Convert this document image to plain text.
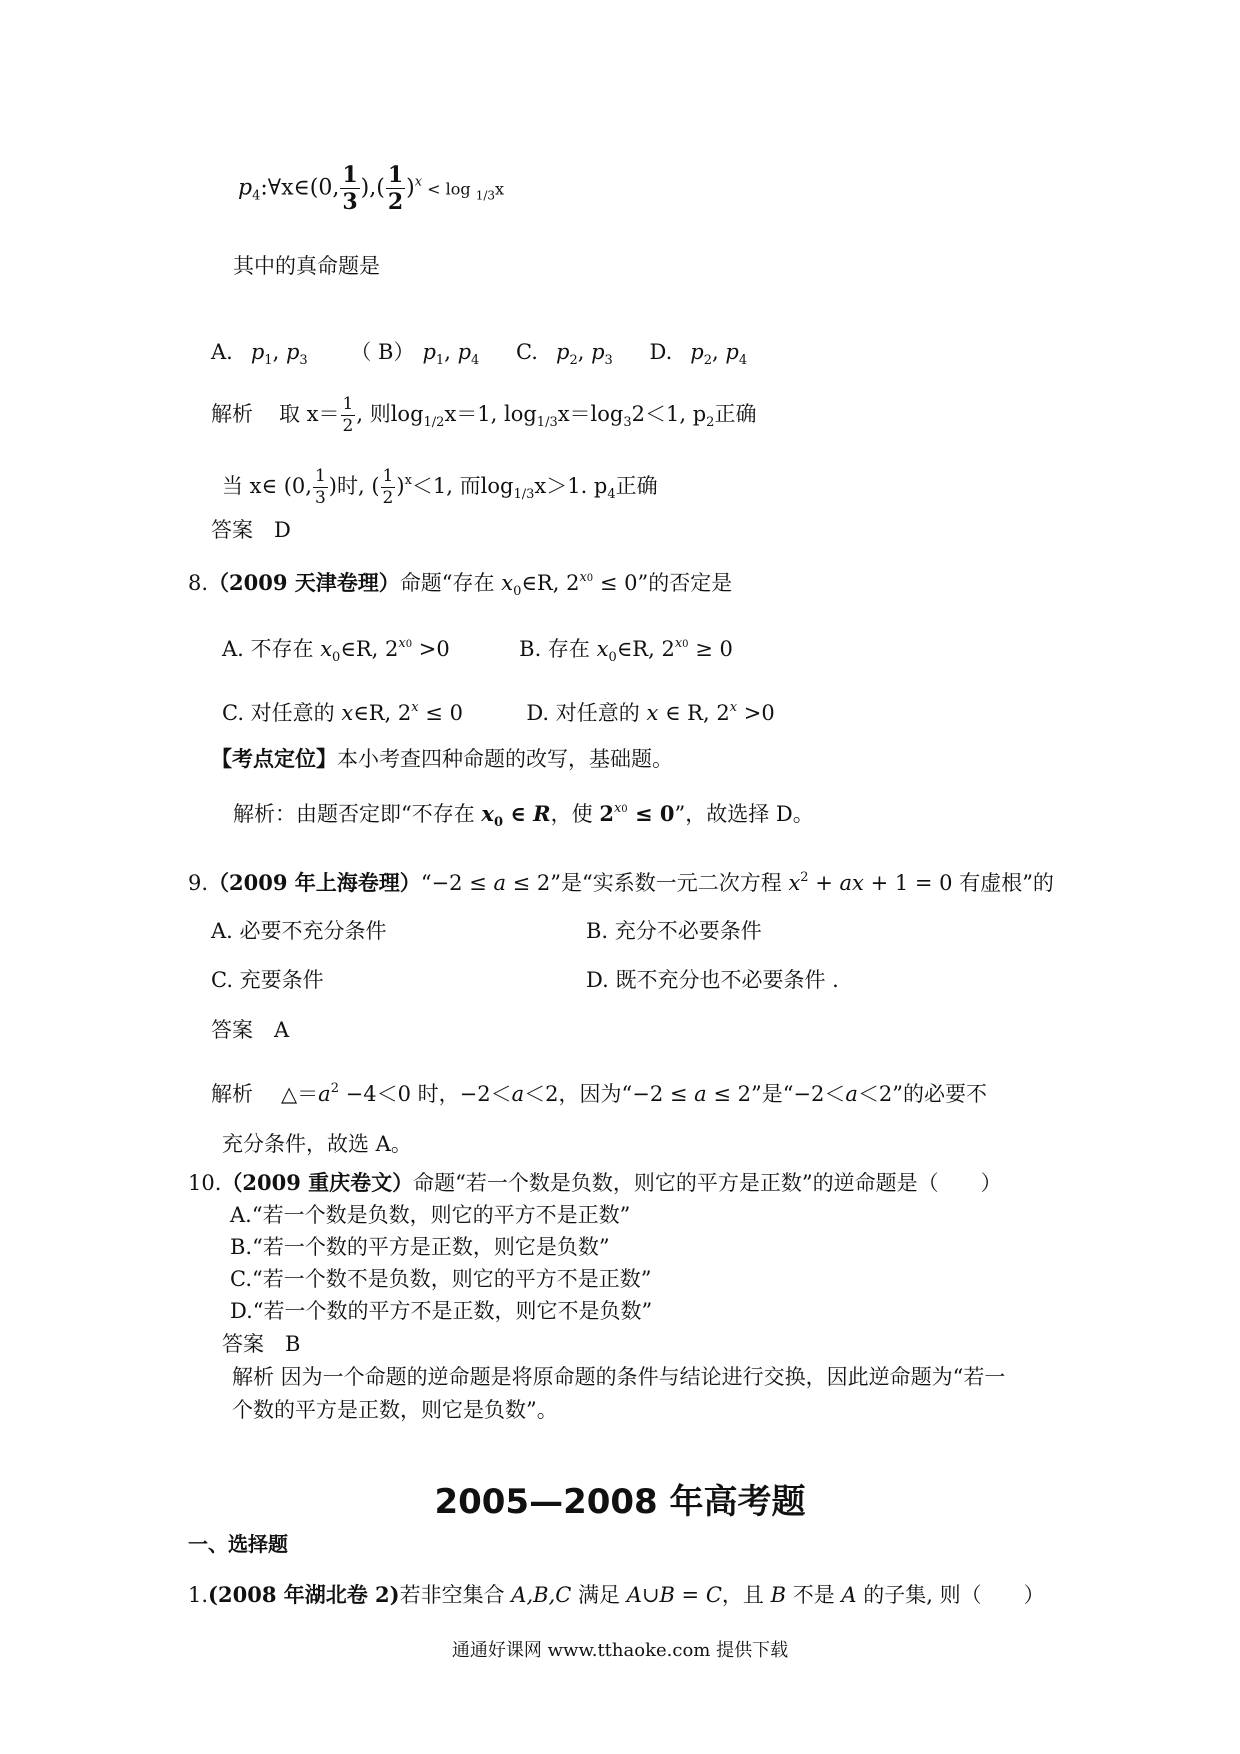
$p_4:\forall x\in(0$, $\frac{1}{3}$ ),( $\frac{1}{2} )^x < \log _{1/3}x$
其中的真命题是
A. $p_1$, $p_3$ （ B） $p_1$, $p_4$ C. $p_2$, $p_3$ D. $p_2$, $p_4$
解析 取 $x= \frac{1}{2}$ , 则$\log_{1/2}x=1$, $\log_{1/3}x=\log_32<1$, $p_2$正确
当 x∈ (0, $\frac{1}{3}$ )时, ( $\frac{1}{2} )^x<1$, 而$\log_{1/3}x>1$. $p_4$正确
答案　D
8.（2009 天津卷理）命题“存在 $x_0\in R$, $2^{x0} \le 0$”的否定是
A. 不存在 $x_0\in R$, $2^{x0} >0$	B. 存在 $x_0\in R$, $2^{x0} \ge 0$
C. 对任意的 x∈R, $2^x \le 0$	D. 对任意的 x ∈ R, $2^x >0$
【考点定位】本小考查四种命题的改写，基础题。
解析：由题否定即“不存在 $x_0$ ∈ R，使 $2^{x0} \le 0$”，故选择 D。
9.（2009 年上海卷理）“−2 ≤ a ≤ 2”是“实系数一元二次方程 $x^2$ + ax + 1 = 0 有虚根”的
A. 必要不充分条件	B. 充分不必要条件
C. 充要条件	D. 既不充分也不必要条件 .
答案　A
解析 $\triangle=a^2 -4<0$ 时，−2＜a＜2，因为“−2 ≤ a ≤ 2”是“−2＜a＜2”的必要不
充分条件，故选 A。
10.（2009 重庆卷文）命题“若一个数是负数，则它的平方是正数”的逆命题是（　　）
A.“若一个数是负数，则它的平方不是正数”
B.“若一个数的平方是正数，则它是负数”
C.“若一个数不是负数，则它的平方不是正数”
D.“若一个数的平方不是正数，则它不是负数”
答案　B
解析 因为一个命题的逆命题是将原命题的条件与结论进行交换，因此逆命题为“若一
个数的平方是正数，则它是负数”。
2005—2008 年高考题
一、选择题
1.(2008 年湖北卷 2)若非空集合 A,B,C 满足 A∪B = C，且 B 不是 A 的子集, 则（　　）
通通好课网 www.tthaoke.com 提供下载
